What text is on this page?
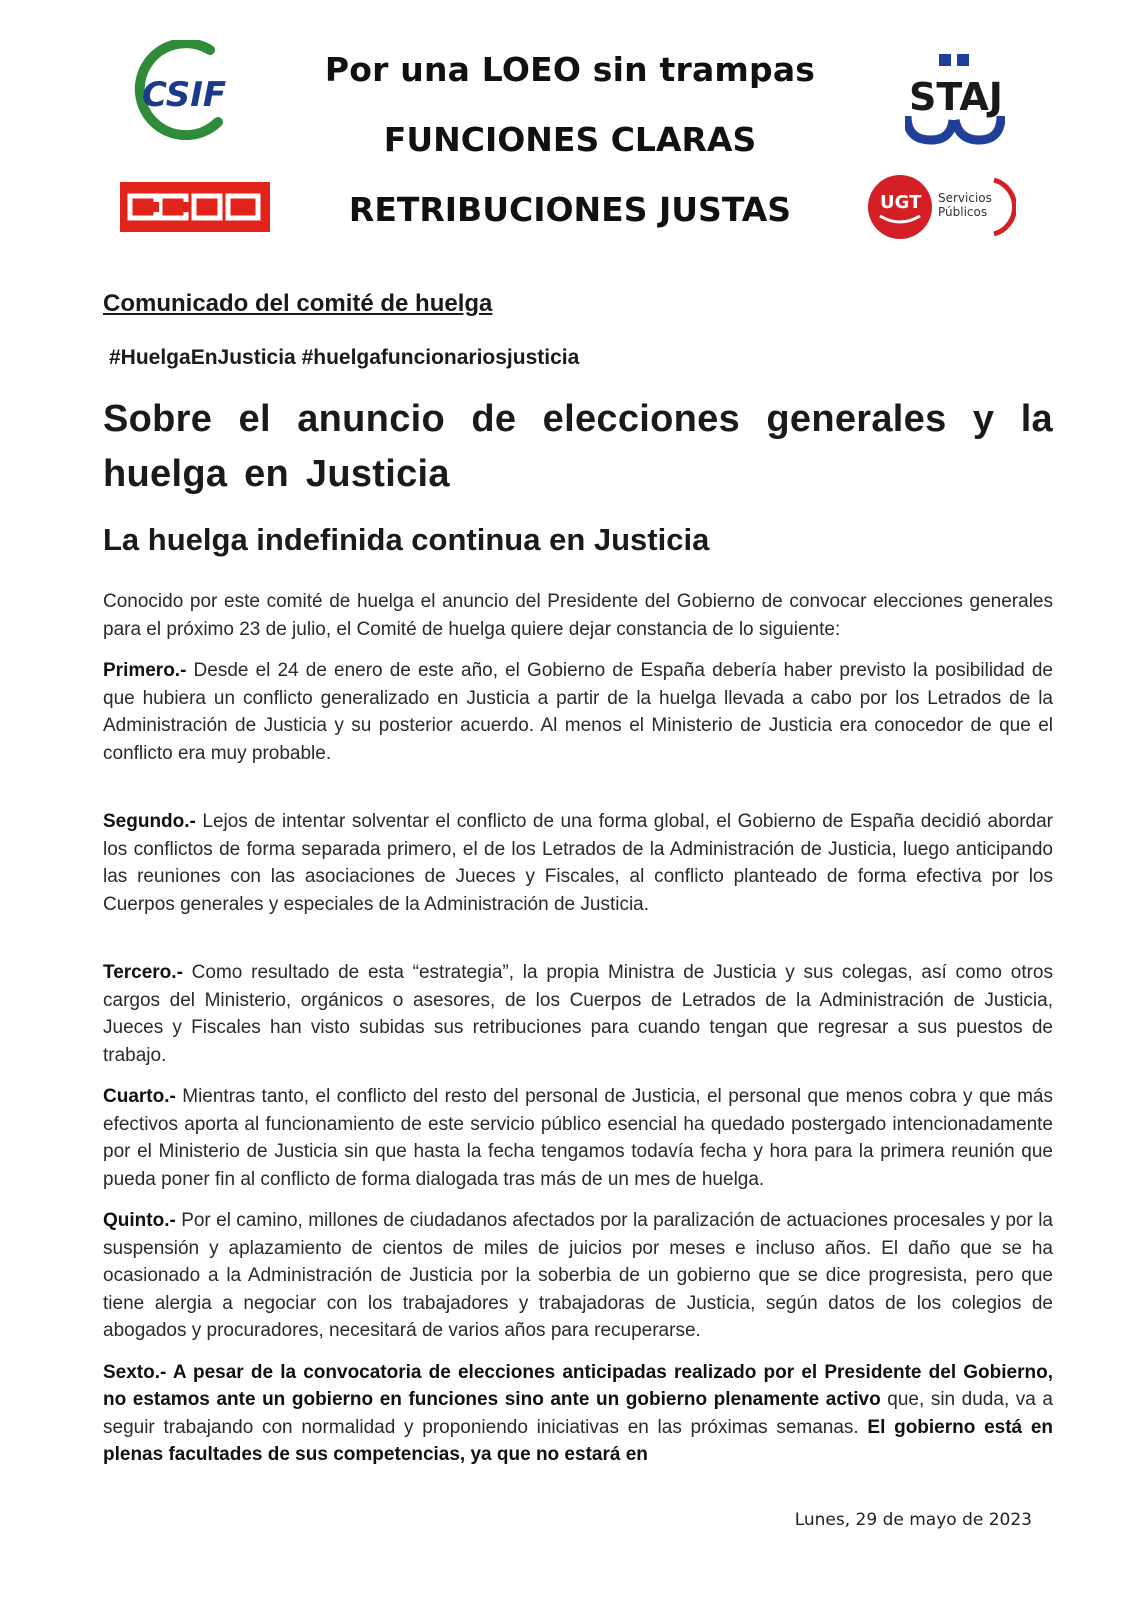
CSIF	STAJ
UGT Servicios
Públicos
Por una LOEO sin trampas
FUNCIONES CLARAS
RETRIBUCIONES JUSTAS
Comunicado del comité de huelga
#HuelgaEnJusticia #huelgafuncionariosjusticia
Sobre el anuncio de elecciones generales y la huelga en Justicia
La huelga indefinida continua en Justicia

Conocido por este comité de huelga el anuncio del Presidente del Gobierno de convocar elecciones generales para el próximo 23 de julio, el Comité de huelga quiere dejar constancia de lo siguiente:

Primero.- Desde el 24 de enero de este año, el Gobierno de España debería haber previsto la posibilidad de que hubiera un conflicto generalizado en Justicia a partir de la huelga llevada a cabo por los Letrados de la Administración de Justicia y su posterior acuerdo. Al menos el Ministerio de Justicia era conocedor de que el conflicto era muy probable.

Segundo.- Lejos de intentar solventar el conflicto de una forma global, el Gobierno de España decidió abordar los conflictos de forma separada primero, el de los Letrados de la Administración de Justicia, luego anticipando las reuniones con las asociaciones de Jueces y Fiscales, al conflicto planteado de forma efectiva por los Cuerpos generales y especiales de la Administración de Justicia.

Tercero.- Como resultado de esta “estrategia”, la propia Ministra de Justicia y sus colegas, así como otros cargos del Ministerio, orgánicos o asesores, de los Cuerpos de Letrados de la Administración de Justicia, Jueces y Fiscales han visto subidas sus retribuciones para cuando tengan que regresar a sus puestos de trabajo.

Cuarto.- Mientras tanto, el conflicto del resto del personal de Justicia, el personal que menos cobra y que más efectivos aporta al funcionamiento de este servicio público esencial ha quedado postergado intencionadamente por el Ministerio de Justicia sin que hasta la fecha tengamos todavía fecha y hora para la primera reunión que pueda poner fin al conflicto de forma dialogada tras más de un mes de huelga.

Quinto.- Por el camino, millones de ciudadanos afectados por la paralización de actuaciones procesales y por la suspensión y aplazamiento de cientos de miles de juicios por meses e incluso años. El daño que se ha ocasionado a la Administración de Justicia por la soberbia de un gobierno que se dice progresista, pero que tiene alergia a negociar con los trabajadores y trabajadoras de Justicia, según datos de los colegios de abogados y procuradores, necesitará de varios años para recuperarse.

Sexto.- A pesar de la convocatoria de elecciones anticipadas realizado por el Presidente del Gobierno, no estamos ante un gobierno en funciones sino ante un gobierno plenamente activo que, sin duda, va a seguir trabajando con normalidad y proponiendo iniciativas en las próximas semanas. El gobierno está en plenas facultades de sus competencias, ya que no estará en

Lunes, 29 de mayo de 2023
